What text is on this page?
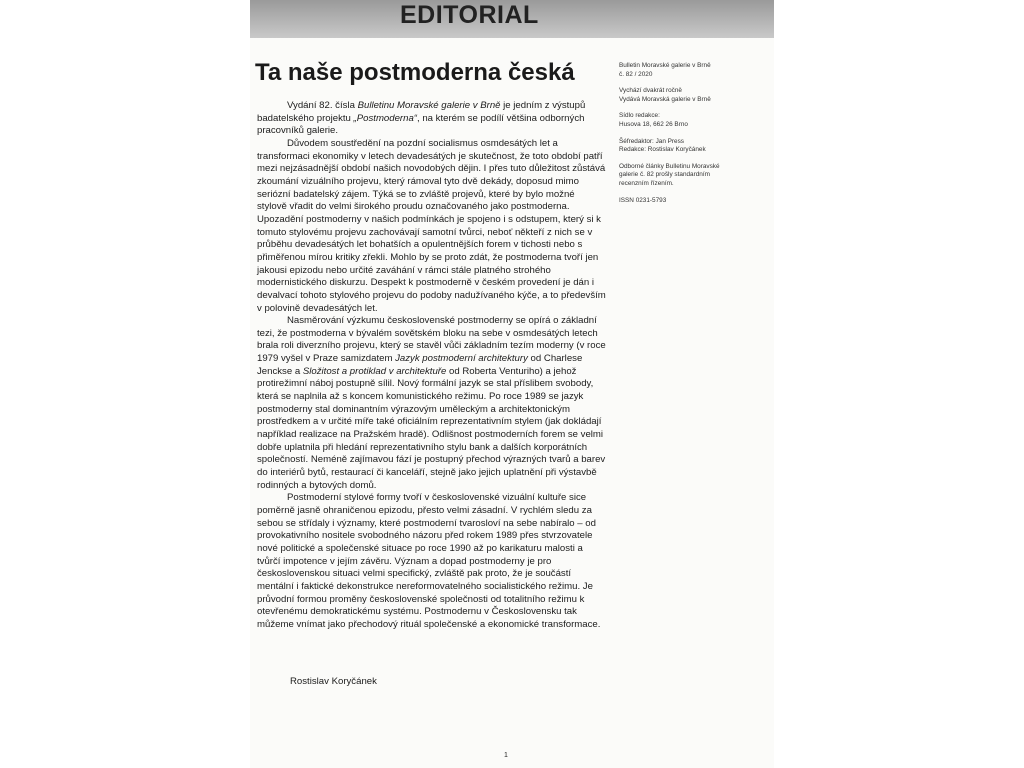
EDITORIAL
Ta naše postmoderna česká

Vydání 82. čísla Bulletinu Moravské galerie v Brně je jedním z výstupů badatelského projektu „Postmoderna“, na kterém se podílí většina odborných pracovníků galerie.

Důvodem soustředění na pozdní socialismus osmdesátých let a transformaci ekonomiky v letech devadesátých je skutečnost, že toto období patří mezi nejzásadnější období našich novodobých dějin. I přes tuto důležitost zůstává zkoumání vizuálního projevu, který rámoval tyto dvě dekády, doposud mimo seriózní badatelský zájem. Týká se to zvláště projevů, které by bylo možné stylově vřadit do velmi širokého proudu označovaného jako postmoderna. Upozadění postmoderny v našich podmínkách je spojeno i s odstupem, který si k tomuto stylovému projevu zachovávají samotní tvůrci, neboť někteří z nich se v průběhu devadesátých let bohatších a opulentnějších forem v tichosti nebo s přiměřenou mírou kritiky zřekli. Mohlo by se proto zdát, že postmoderna tvoří jen jakousi epizodu nebo určité zaváhání v rámci stále platného strohého modernistického diskurzu. Despekt k postmoderně v českém provedení je dán i devalvací tohoto stylového projevu do podoby nadužívaného kýče, a to především v polovině devadesátých let.

Nasměrování výzkumu československé postmoderny se opírá o základní tezi, že postmoderna v bývalém sovětském bloku na sebe v osmdesátých letech brala roli diverzního projevu, který se stavěl vůči základním tezím moderny (v roce 1979 vyšel v Praze samizdatem Jazyk postmoderní architektury od Charlese Jenckse a Složitost a protiklad v architektuře od Roberta Venturiho) a jehož protirežimní náboj postupně sílil. Nový formální jazyk se stal příslibem svobody, která se naplnila až s koncem komunistického režimu. Po roce 1989 se jazyk postmoderny stal dominantním výrazovým uměleckým a architektonickým prostředkem a v určité míře také oficiálním reprezentativním stylem (jak dokládají například realizace na Pražském hradě). Odlišnost postmoderních forem se velmi dobře uplatnila při hledání reprezentativního stylu bank a dalších korporátních společností. Neméně zajímavou fází je postupný přechod výrazných tvarů a barev do interiérů bytů, restaurací či kanceláří, stejně jako jejich uplatnění při výstavbě rodinných a bytových domů.

Postmoderní stylové formy tvoří v československé vizuální kultuře sice poměrně jasně ohraničenou epizodu, přesto velmi zásadní. V rychlém sledu za sebou se střídaly i významy, které postmoderní tvarosloví na sebe nabíralo – od provokativního nositele svobodného názoru před rokem 1989 přes stvrzovatele nové politické a společenské situace po roce 1990 až po karikaturu malosti a tvůrčí impotence v jejím závěru. Význam a dopad postmoderny je pro československou situaci velmi specifický, zvláště pak proto, že je součástí mentální i faktické dekonstrukce nereformovatelného socialistického režimu. Je průvodní formou proměny československé společnosti od totalitního režimu k otevřenému demokratickému systému. Postmodernu v Československu tak můžeme vnímat jako přechodový rituál společenské a ekonomické transformace.

Rostislav Koryčánek
Bulletin Moravské galerie v Brně
č. 82 / 2020
Vychází dvakrát ročně
Vydává Moravská galerie v Brně
Sídlo redakce:
Husova 18, 662 26 Brno
Šéfredaktor: Jan Press
Redakce: Rostislav Koryčánek
Odborné články Bulletinu Moravské
galerie č. 82 prošly standardním
recenzním řízením.
ISSN 0231-5793
1
